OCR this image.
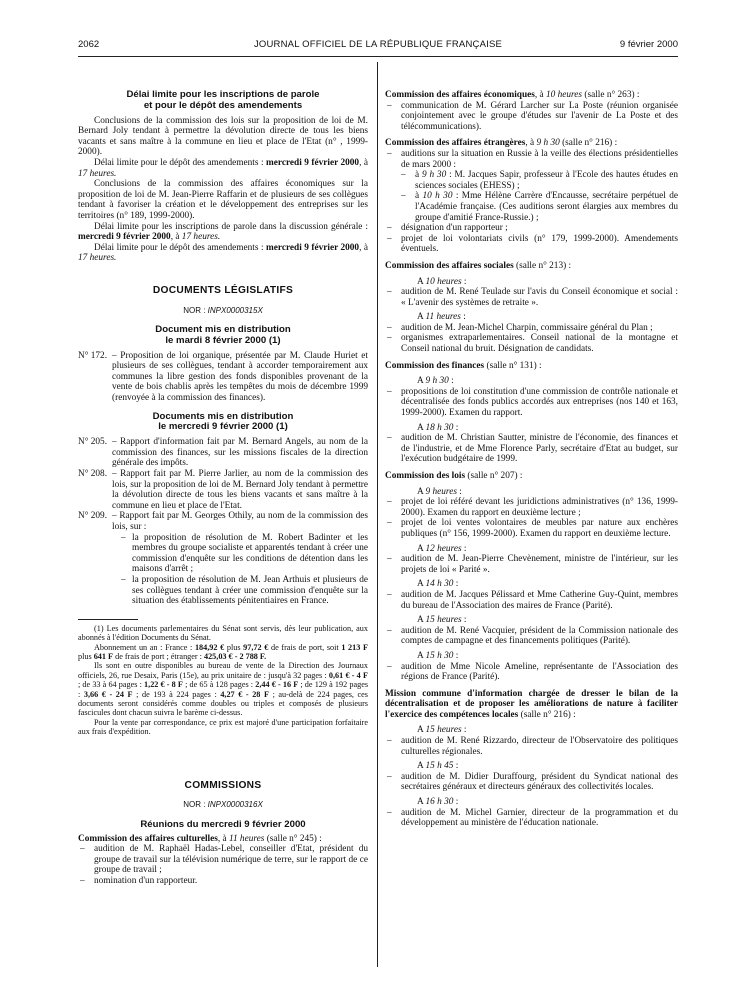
2062	JOURNAL OFFICIEL DE LA RÉPUBLIQUE FRANÇAISE	9 février 2000

Délai limite pour les inscriptions de parole

et pour le dépôt des amendements

Conclusions de la commission des lois sur la proposition de loi de M. Bernard Joly tendant à permettre la dévolution directe de tous les biens vacants et sans maître à la commune en lieu et place de l'Etat (n° , 1999-2000).

Délai limite pour le dépôt des amendements : mercredi 9 février 2000, à 17 heures.

Conclusions de la commission des affaires économiques sur la proposition de loi de M. Jean-Pierre Raffarin et de plusieurs de ses collègues tendant à favoriser la création et le développement des entreprises sur les territoires (n° 189, 1999-2000).

Délai limite pour les inscriptions de parole dans la discussion générale : mercredi 9 février 2000, à 17 heures.

Délai limite pour le dépôt des amendements : mercredi 9 février 2000, à 17 heures.

DOCUMENTS LÉGISLATIFS

NOR : INPX0000315X

Document mis en distribution

le mardi 8 février 2000 (1)

N° 172. – Proposition de loi organique, présentée par M. Claude Huriet et plusieurs de ses collègues, tendant à accorder temporairement aux communes la libre gestion des fonds disponibles provenant de la vente de bois chablis après les tempêtes du mois de décembre 1999 (renvoyée à la commission des finances).

Documents mis en distribution

le mercredi 9 février 2000 (1)

N° 205. – Rapport d'information fait par M. Bernard Angels, au nom de la commission des finances, sur les missions fiscales de la direction générale des impôts.
N° 208. – Rapport fait par M. Pierre Jarlier, au nom de la commission des lois, sur la proposition de loi de M. Bernard Joly tendant à permettre la dévolution directe de tous les biens vacants et sans maître à la commune en lieu et place de l'Etat.
N° 209. – Rapport fait par M. Georges Othily, au nom de la commission des lois, sur :
– la proposition de résolution de M. Robert Badinter et les membres du groupe socialiste et apparentés tendant à créer une commission d'enquête sur les conditions de détention dans les maisons d'arrêt ;
– la proposition de résolution de M. Jean Arthuis et plusieurs de ses collègues tendant à créer une commission d'enquête sur la situation des établissements pénitentiaires en France.

(1) Les documents parlementaires du Sénat sont servis, dès leur publication, aux abonnés à l'édition Documents du Sénat.

Abonnement un an : France : 184,92 € plus 97,72 € de frais de port, soit 1 213 F plus 641 F de frais de port ; étranger : 425,03 € - 2 788 F.

Ils sont en outre disponibles au bureau de vente de la Direction des Journaux officiels, 26, rue Desaix, Paris (15e), au prix unitaire de : jusqu'à 32 pages : 0,61 € - 4 F ; de 33 à 64 pages : 1,22 € - 8 F ; de 65 à 128 pages : 2,44 € - 16 F ; de 129 à 192 pages : 3,66 € - 24 F ; de 193 à 224 pages : 4,27 € - 28 F ; au-delà de 224 pages, ces documents seront considérés comme doubles ou triples et composés de plusieurs fascicules dont chacun suivra le barème ci-dessus.

Pour la vente par correspondance, ce prix est majoré d'une participation forfaitaire aux frais d'expédition.

COMMISSIONS

NOR : INPX0000316X

Réunions du mercredi 9 février 2000

Commission des affaires culturelles, à 11 heures (salle n° 245) :

– audition de M. Raphaël Hadas-Lebel, conseiller d'Etat, président du groupe de travail sur la télévision numérique de terre, sur le rapport de ce groupe de travail ;
– nomination d'un rapporteur.

Commission des affaires économiques, à 10 heures (salle n° 263) :

– communication de M. Gérard Larcher sur La Poste (réunion organisée conjointement avec le groupe d'études sur l'avenir de La Poste et des télécommunications).

Commission des affaires étrangères, à 9 h 30 (salle n° 216) :

– auditions sur la situation en Russie à la veille des élections présidentielles de mars 2000 :
– à 9 h 30 : M. Jacques Sapir, professeur à l'Ecole des hautes études en sciences sociales (EHESS) ;
– à 10 h 30 : Mme Hélène Carrère d'Encausse, secrétaire perpétuel de l'Académie française. (Ces auditions seront élargies aux membres du groupe d'amitié France-Russie.) ;
– désignation d'un rapporteur ;
– projet de loi volontariats civils (n° 179, 1999-2000). Amendements éventuels.

Commission des affaires sociales (salle n° 213) :

A 10 heures :

– audition de M. René Teulade sur l'avis du Conseil économique et social : « L'avenir des systèmes de retraite ».

A 11 heures :

– audition de M. Jean-Michel Charpin, commissaire général du Plan ;
– organismes extraparlementaires. Conseil national de la montagne et Conseil national du bruit. Désignation de candidats.

Commission des finances (salle n° 131) :

A 9 h 30 :

– propositions de loi constitution d'une commission de contrôle nationale et décentralisée des fonds publics accordés aux entreprises (nos 140 et 163, 1999-2000). Examen du rapport.

A 18 h 30 :

– audition de M. Christian Sautter, ministre de l'économie, des finances et de l'industrie, et de Mme Florence Parly, secrétaire d'Etat au budget, sur l'exécution budgétaire de 1999.

Commission des lois (salle n° 207) :

A 9 heures :

– projet de loi référé devant les juridictions administratives (n° 136, 1999-2000). Examen du rapport en deuxième lecture ;
– projet de loi ventes volontaires de meubles par nature aux enchères publiques (n° 156, 1999-2000). Examen du rapport en deuxième lecture.

A 12 heures :

– audition de M. Jean-Pierre Chevènement, ministre de l'intérieur, sur les projets de loi « Parité ».

A 14 h 30 :

– audition de M. Jacques Pélissard et Mme Catherine Guy-Quint, membres du bureau de l'Association des maires de France (Parité).

A 15 heures :

– audition de M. René Vacquier, président de la Commission nationale des comptes de campagne et des financements politiques (Parité).

A 15 h 30 :

– audition de Mme Nicole Ameline, représentante de l'Association des régions de France (Parité).

Mission commune d'information chargée de dresser le bilan de la décentralisation et de proposer les améliorations de nature à faciliter l'exercice des compétences locales (salle n° 216) :

A 15 heures :

– audition de M. René Rizzardo, directeur de l'Observatoire des politiques culturelles régionales.

A 15 h 45 :

– audition de M. Didier Duraffourg, président du Syndicat national des secrétaires généraux et directeurs généraux des collectivités locales.

A 16 h 30 :

– audition de M. Michel Garnier, directeur de la programmation et du développement au ministère de l'éducation nationale.
